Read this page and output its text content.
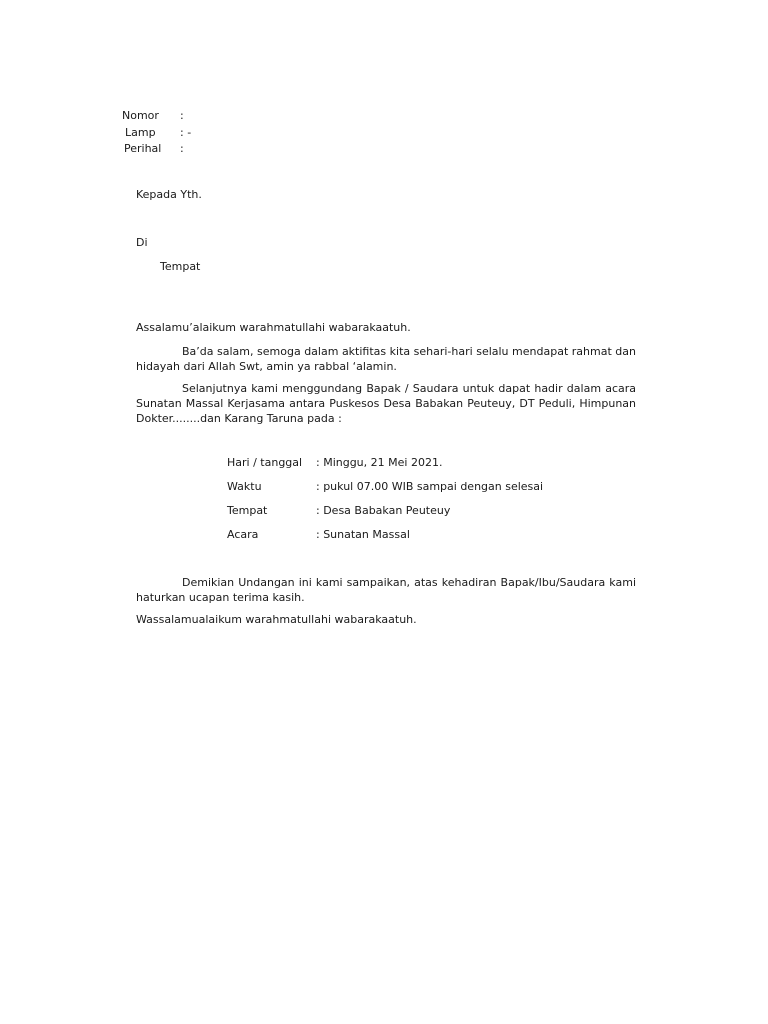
Nomor	:
Lamp	: -
Perihal	:
Kepada Yth.
Di
Tempat
Assalamu’alaikum warahmatullahi wabarakaatuh.
Ba’da salam, semoga dalam aktifitas kita sehari-hari selalu mendapat rahmat dan hidayah dari Allah Swt, amin ya rabbal ‘alamin.
Selanjutnya kami menggundang Bapak / Saudara untuk dapat hadir dalam acara Sunatan Massal Kerjasama antara Puskesos Desa Babakan Peuteuy, DT Peduli, Himpunan Dokter........dan Karang Taruna pada :
Hari / tanggal : Minggu, 21 Mei 2021.
Waktu	: pukul 07.00 WIB sampai dengan selesai
Tempat	: Desa Babakan Peuteuy
Acara	: Sunatan Massal
Demikian Undangan ini kami sampaikan, atas kehadiran Bapak/Ibu/Saudara kami haturkan ucapan terima kasih.
Wassalamualaikum warahmatullahi wabarakaatuh.
